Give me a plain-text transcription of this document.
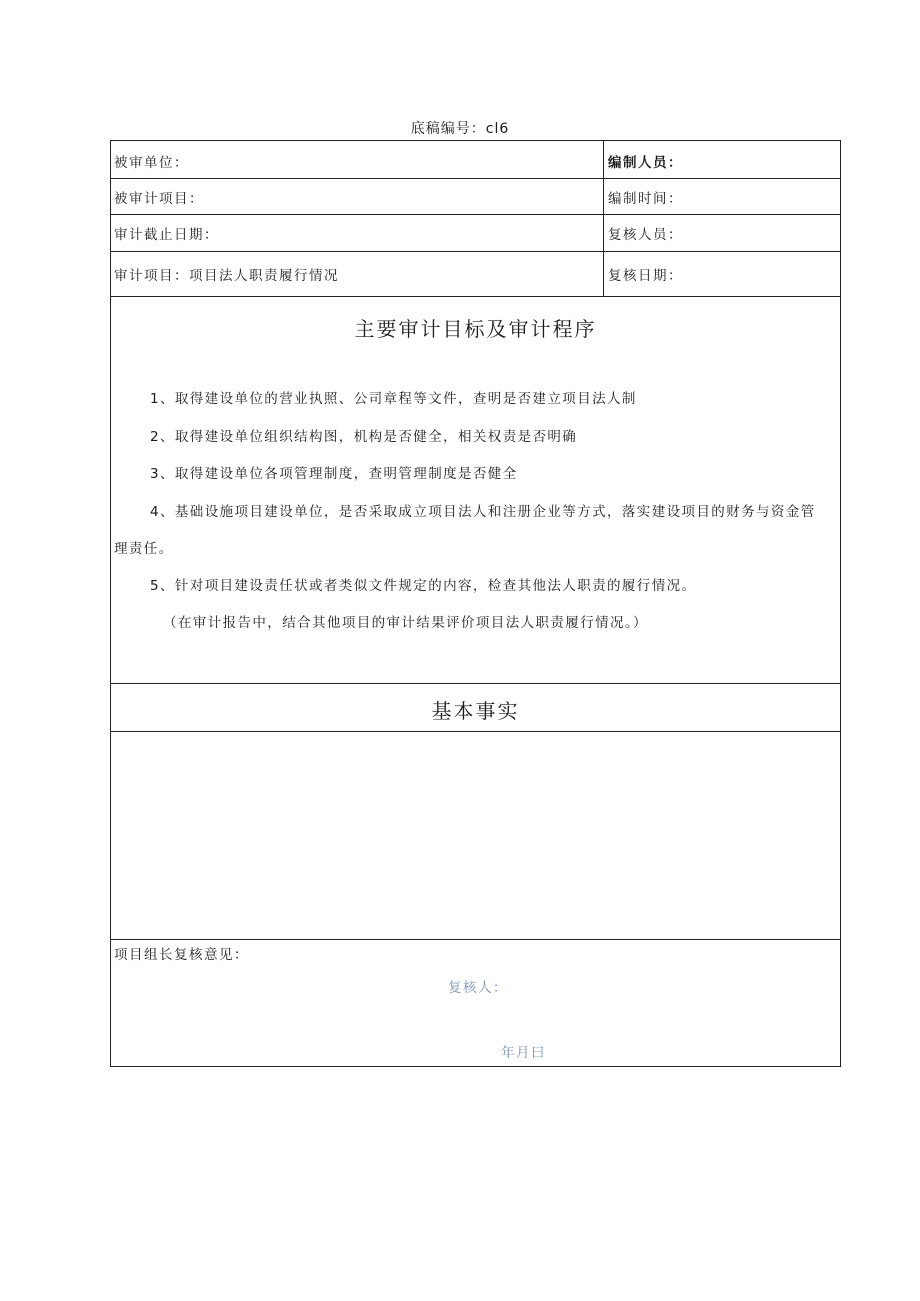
底稿编号：cl6
被审单位：	编制人员：
被审计项目：	编制时间：
审计截止日期：	复核人员：
审计项目：项目法人职责履行情况	复核日期：
主要审计目标及审计程序
1、取得建设单位的营业执照、公司章程等文件，查明是否建立项目法人制
2、取得建设单位组织结构图，机构是否健全，相关权责是否明确
3、取得建设单位各项管理制度，查明管理制度是否健全
4、基础设施项目建设单位，是否采取成立项目法人和注册企业等方式，落实建设项目的财务与资金管
理责任。
5、针对项目建设责任状或者类似文件规定的内容，检查其他法人职责的履行情况。
（在审计报告中，结合其他项目的审计结果评价项目法人职责履行情况。）
基本事实
项目组长复核意见：
复核人：
年月曰
